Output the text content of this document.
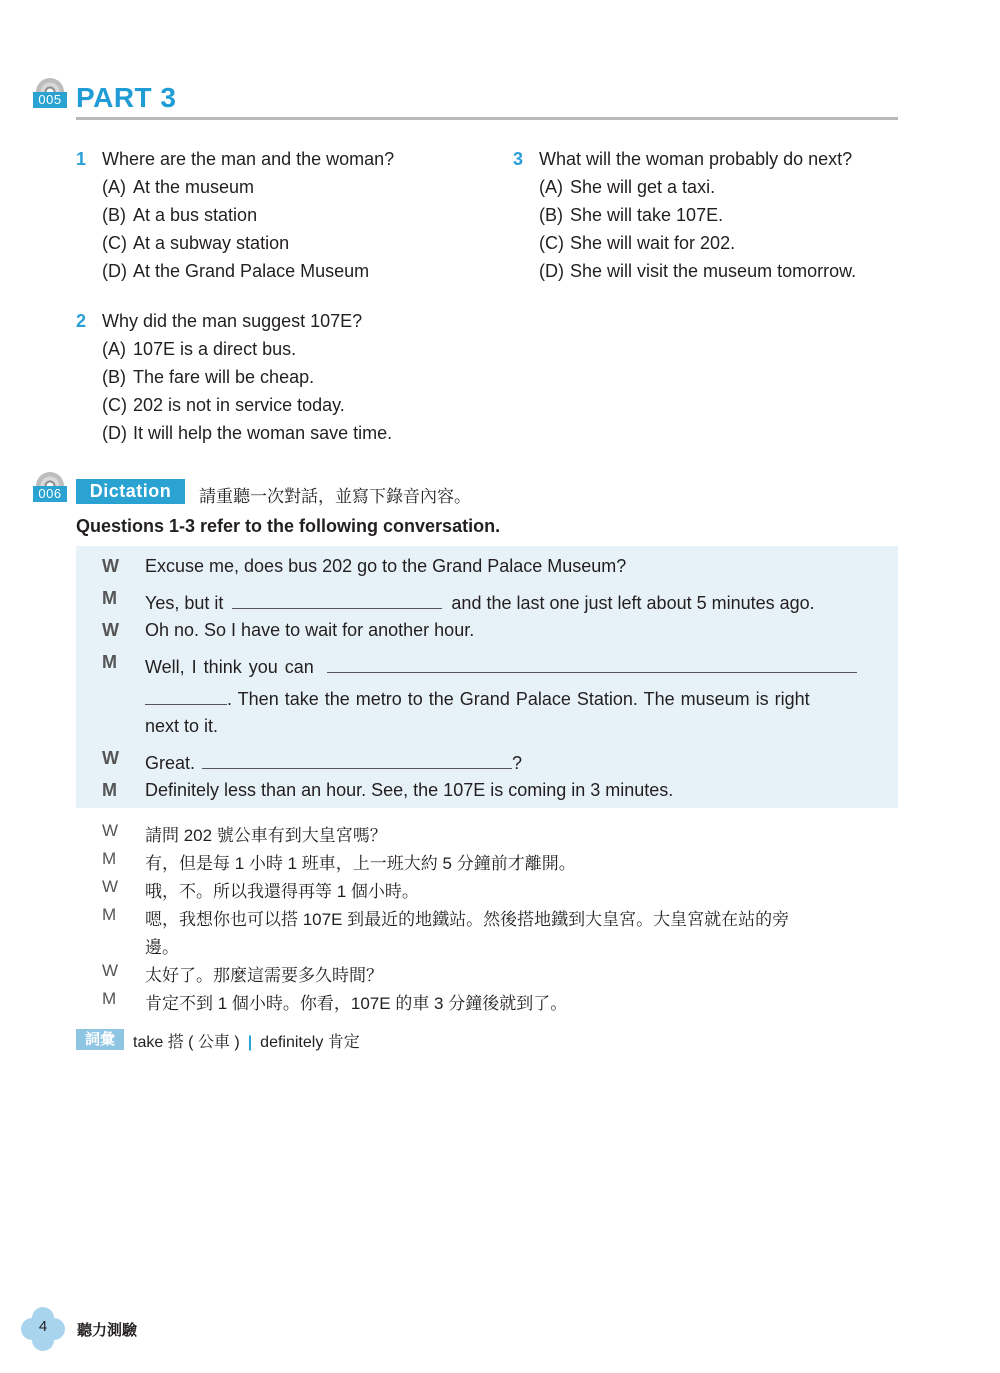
005 PART 3
1 Where are the man and the woman?
(A) At the museum
(B) At a bus station
(C) At a subway station
(D) At the Grand Palace Museum
2 Why did the man suggest 107E?
(A) 107E is a direct bus.
(B) The fare will be cheap.
(C) 202 is not in service today.
(D) It will help the woman save time.
3 What will the woman probably do next?
(A) She will get a taxi.
(B) She will take 107E.
(C) She will wait for 202.
(D) She will visit the museum tomorrow.
006	Dictation	請重聽一次對話，並寫下錄音內容。
Questions 1-3 refer to the following conversation.
W Excuse me, does bus 202 go to the Grand Palace Museum?
M Yes, but it	and the last one just left about 5 minutes ago.
W Oh no. So I have to wait for another hour.
M Well, I think you can
. Then take the metro to the Grand Palace Station. The museum is right
next to it.
W Great.	?
M Definitely less than an hour. See, the 107E is coming in 3 minutes.
W 請問 202 號公車有到大皇宮嗎？
M 有，但是每 1 小時 1 班車，上一班大約 5 分鐘前才離開。
W 哦，不。所以我還得再等 1 個小時。
M 嗯，我想你也可以搭 107E 到最近的地鐵站。然後搭地鐵到大皇宮。大皇宮就在站的旁
邊。
W 太好了。那麼這需要多久時間？
M 肯定不到 1 個小時。你看，107E 的車 3 分鐘後就到了。
詞彙	take 搭 ( 公車 ) | definitely 肯定
4	聽力測驗
